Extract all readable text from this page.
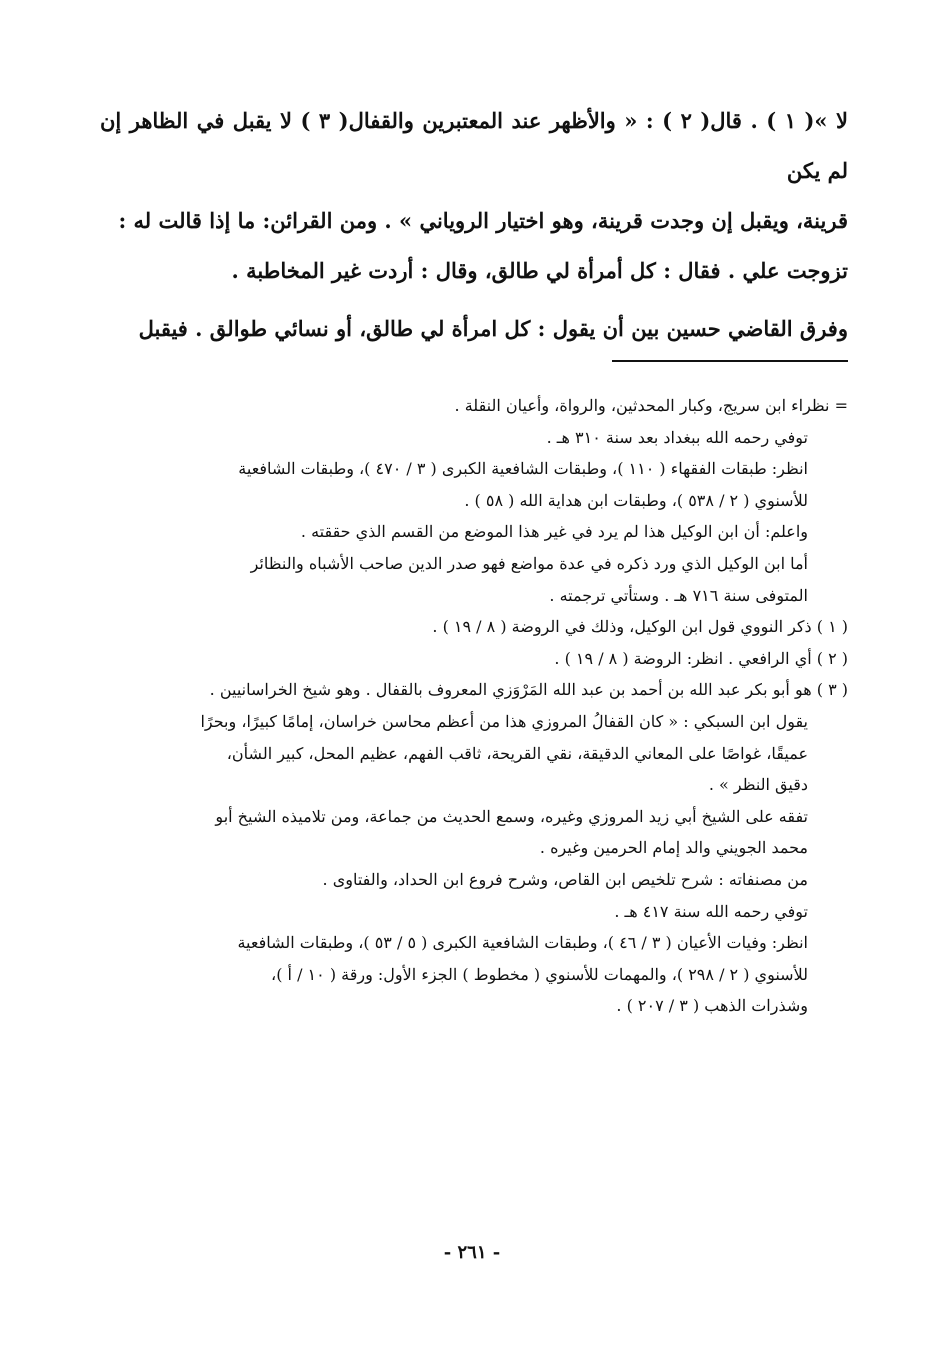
لا »( ١ ) . قال( ٢ ) : « والأظهر عند المعتبرين والقفال( ٣ ) لا يقبل في الظاهر إن لم يكن

قرينة، ويقبل إن وجدت قرينة، وهو اختيار الروياني » . ومن القرائن: ما إذا قالت له :

تزوجت علي . فقال : كل أمرأة لي طالق، وقال : أردت غير المخاطبة .

وفرق القاضي حسين بين أن يقول : كل امرأة لي طالق، أو نسائي طوالق . فيقبل

= نظراء ابن سريج، وكبار المحدثين، والرواة، وأعيان النقلة .
توفي رحمه الله ببغداد بعد سنة ٣١٠ هـ .
انظر: طبقات الفقهاء ( ١١٠ )، وطبقات الشافعية الكبرى ( ٣ / ٤٧٠ )، وطبقات الشافعية
للأسنوي ( ٢ / ٥٣٨ )، وطبقات ابن هداية الله ( ٥٨ ) .
واعلم: أن ابن الوكيل هذا لم يرد في غير هذا الموضع من القسم الذي حققته .
أما ابن الوكيل الذي ورد ذكره في عدة مواضع فهو صدر الدين صاحب الأشباه والنظائر
المتوفى سنة ٧١٦ هـ . وستأتي ترجمته .
( ١ ) ذكر النووي قول ابن الوكيل، وذلك في الروضة ( ٨ / ١٩ ) .
( ٢ ) أي الرافعي . انظر: الروضة ( ٨ / ١٩ ) .
( ٣ ) هو أبو بكر عبد الله بن أحمد بن عبد الله المَرْوَزي المعروف بالقفال . وهو شيخ الخراسانيين .
يقول ابن السبكي : « كان القفالُ المروزي هذا من أعظم محاسن خراسان، إمامًا كبيرًا، وبحرًا
عميقًا، غواصًا على المعاني الدقيقة، نقي القريحة، ثاقب الفهم، عظيم المحل، كبير الشأن،
دقيق النظر » .
تفقه على الشيخ أبي زيد المروزي وغيره، وسمع الحديث من جماعة، ومن تلاميذه الشيخ أبو
محمد الجويني والد إمام الحرمين وغيره .
من مصنفاته : شرح تلخيص ابن القاص، وشرح فروع ابن الحداد، والفتاوى .
توفي رحمه الله سنة ٤١٧ هـ .
انظر: وفيات الأعيان ( ٣ / ٤٦ )، وطبقات الشافعية الكبرى ( ٥ / ٥٣ )، وطبقات الشافعية
للأسنوي ( ٢ / ٢٩٨ )، والمهمات للأسنوي ( مخطوط ) الجزء الأول: ورقة ( ١٠ / أ )،
وشذرات الذهب ( ٣ / ٢٠٧ ) .
- ٢٦١ -
